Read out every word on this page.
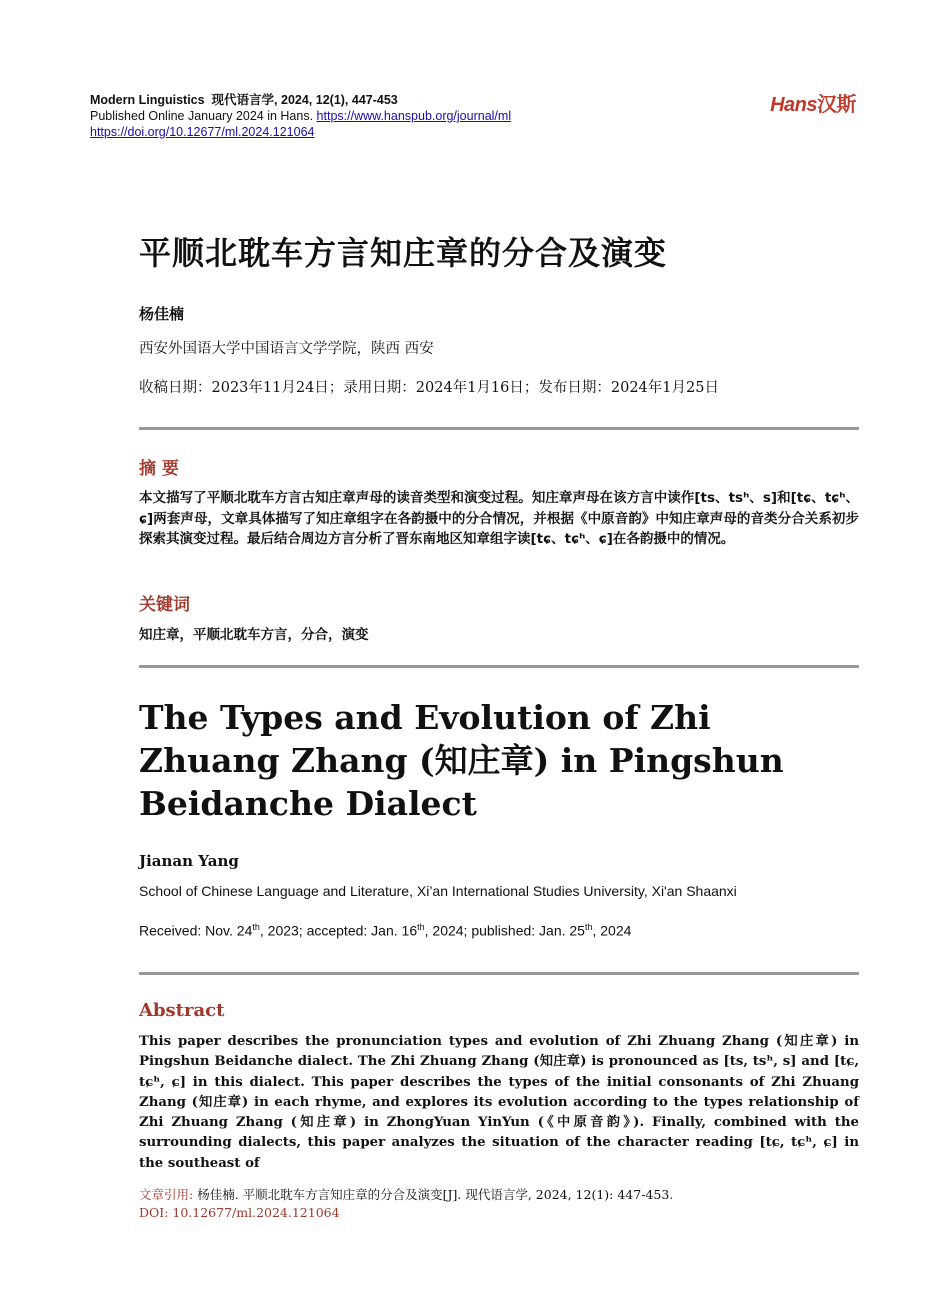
Modern Linguistics 现代语言学, 2024, 12(1), 447-453
Published Online January 2024 in Hans. https://www.hanspub.org/journal/ml
https://doi.org/10.12677/ml.2024.121064
Hans汉斯
平顺北耽车方言知庄章的分合及演变
杨佳楠
西安外国语大学中国语言文学学院，陕西 西安
收稿日期：2023年11月24日；录用日期：2024年1月16日；发布日期：2024年1月25日
摘 要
本文描写了平顺北耽车方言古知庄章声母的读音类型和演变过程。知庄章声母在该方言中读作[ts、tsʰ、s]和[tɕ、tɕʰ、ɕ]两套声母，文章具体描写了知庄章组字在各韵摄中的分合情况，并根据《中原音韵》中知庄章声母的音类分合关系初步探索其演变过程。最后结合周边方言分析了晋东南地区知章组字读[tɕ、tɕʰ、ɕ]在各韵摄中的情况。
关键词
知庄章，平顺北耽车方言，分合，演变
The Types and Evolution of Zhi Zhuang Zhang (知庄章) in Pingshun Beidanche Dialect
Jianan Yang
School of Chinese Language and Literature, Xi’an International Studies University, Xi'an Shaanxi
Received: Nov. 24th, 2023; accepted: Jan. 16th, 2024; published: Jan. 25th, 2024
Abstract
This paper describes the pronunciation types and evolution of Zhi Zhuang Zhang (知庄章) in Pingshun Beidanche dialect. The Zhi Zhuang Zhang (知庄章) is pronounced as [ts, tsʰ, s] and [tɕ, tɕʰ, ɕ] in this dialect. This paper describes the types of the initial consonants of Zhi Zhuang Zhang (知庄章) in each rhyme, and explores its evolution according to the types relationship of Zhi Zhuang Zhang (知庄章) in ZhongYuan YinYun (《中原音韵》). Finally, combined with the surrounding dialects, this paper analyzes the situation of the character reading [tɕ, tɕʰ, ɕ] in the southeast of
文章引用: 杨佳楠. 平顺北耽车方言知庄章的分合及演变[J]. 现代语言学, 2024, 12(1): 447-453.
DOI: 10.12677/ml.2024.121064
